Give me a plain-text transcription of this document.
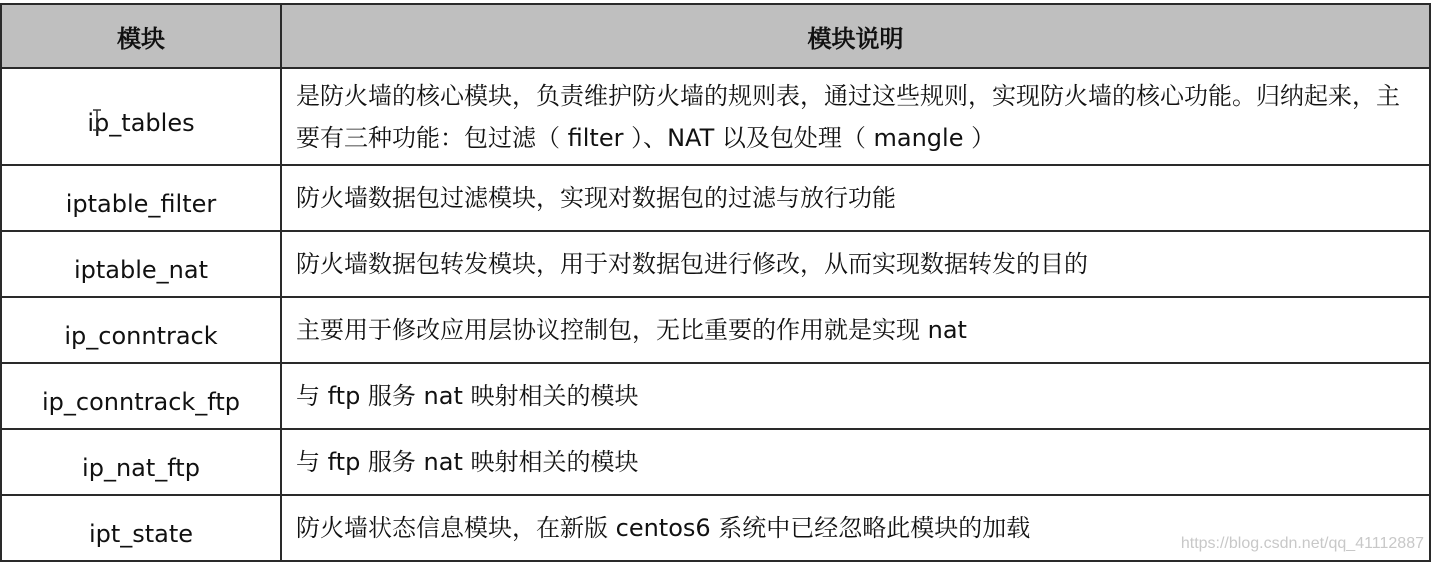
模块	模块说明
ip_tables	是防火墙的核心模块，负责维护防火墙的规则表，通过这些规则，实现防火墙的核心功能。归纳起来，主要有三种功能：包过滤（ filter ）、NAT 以及包处理（ mangle ）
iptable_filter	防火墙数据包过滤模块，实现对数据包的过滤与放行功能
iptable_nat	防火墙数据包转发模块，用于对数据包进行修改，从而实现数据转发的目的
ip_conntrack	主要用于修改应用层协议控制包，无比重要的作用就是实现 nat
ip_conntrack_ftp	与 ftp 服务 nat 映射相关的模块
ip_nat_ftp	与 ftp 服务 nat 映射相关的模块
ipt_state	防火墙状态信息模块，在新版 centos6 系统中已经忽略此模块的加载
https://blog.csdn.net/qq_41112887
